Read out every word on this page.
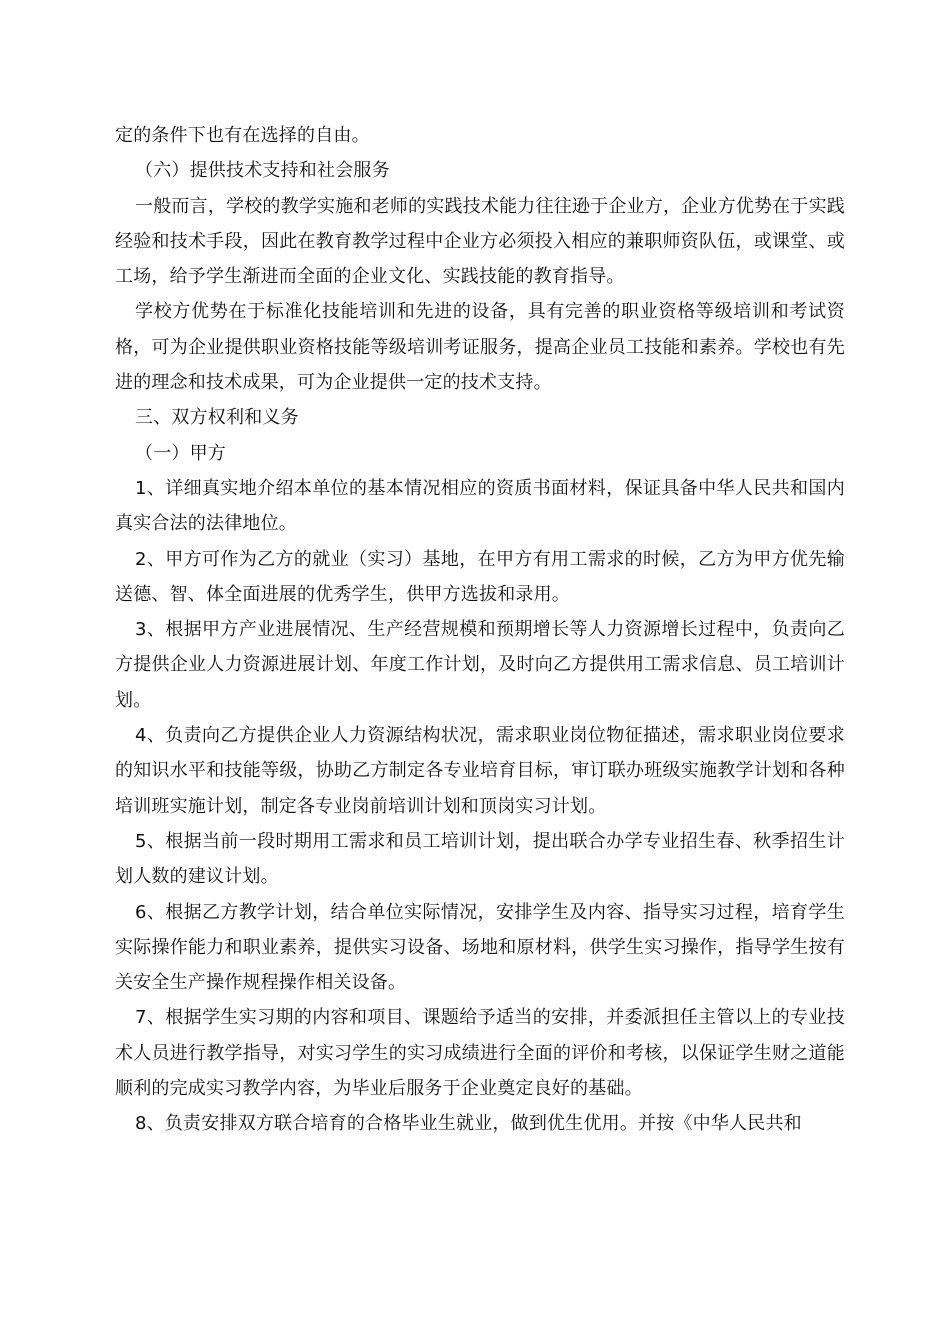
定的条件下也有在选择的自由。

（六）提供技术支持和社会服务

一般而言，学校的教学实施和老师的实践技术能力往往逊于企业方，企业方优势在于实践经验和技术手段，因此在教育教学过程中企业方必须投入相应的兼职师资队伍，或课堂、或工场，给予学生渐进而全面的企业文化、实践技能的教育指导。

学校方优势在于标准化技能培训和先进的设备，具有完善的职业资格等级培训和考试资格，可为企业提供职业资格技能等级培训考证服务，提高企业员工技能和素养。学校也有先进的理念和技术成果，可为企业提供一定的技术支持。

三、双方权利和义务

（一）甲方

1、详细真实地介绍本单位的基本情况相应的资质书面材料，保证具备中华人民共和国内真实合法的法律地位。

2、甲方可作为乙方的就业（实习）基地，在甲方有用工需求的时候，乙方为甲方优先输送德、智、体全面进展的优秀学生，供甲方选拔和录用。

3、根据甲方产业进展情况、生产经营规模和预期增长等人力资源增长过程中，负责向乙方提供企业人力资源进展计划、年度工作计划，及时向乙方提供用工需求信息、员工培训计划。

4、负责向乙方提供企业人力资源结构状况，需求职业岗位物征描述，需求职业岗位要求的知识水平和技能等级，协助乙方制定各专业培育目标，审订联办班级实施教学计划和各种培训班实施计划，制定各专业岗前培训计划和顶岗实习计划。

5、根据当前一段时期用工需求和员工培训计划，提出联合办学专业招生春、秋季招生计划人数的建议计划。

6、根据乙方教学计划，结合单位实际情况，安排学生及内容、指导实习过程，培育学生实际操作能力和职业素养，提供实习设备、场地和原材料，供学生实习操作，指导学生按有关安全生产操作规程操作相关设备。

7、根据学生实习期的内容和项目、课题给予适当的安排，并委派担任主管以上的专业技术人员进行教学指导，对实习学生的实习成绩进行全面的评价和考核，以保证学生财之道能顺利的完成实习教学内容，为毕业后服务于企业奠定良好的基础。

8、负责安排双方联合培育的合格毕业生就业，做到优生优用。并按《中华人民共和
